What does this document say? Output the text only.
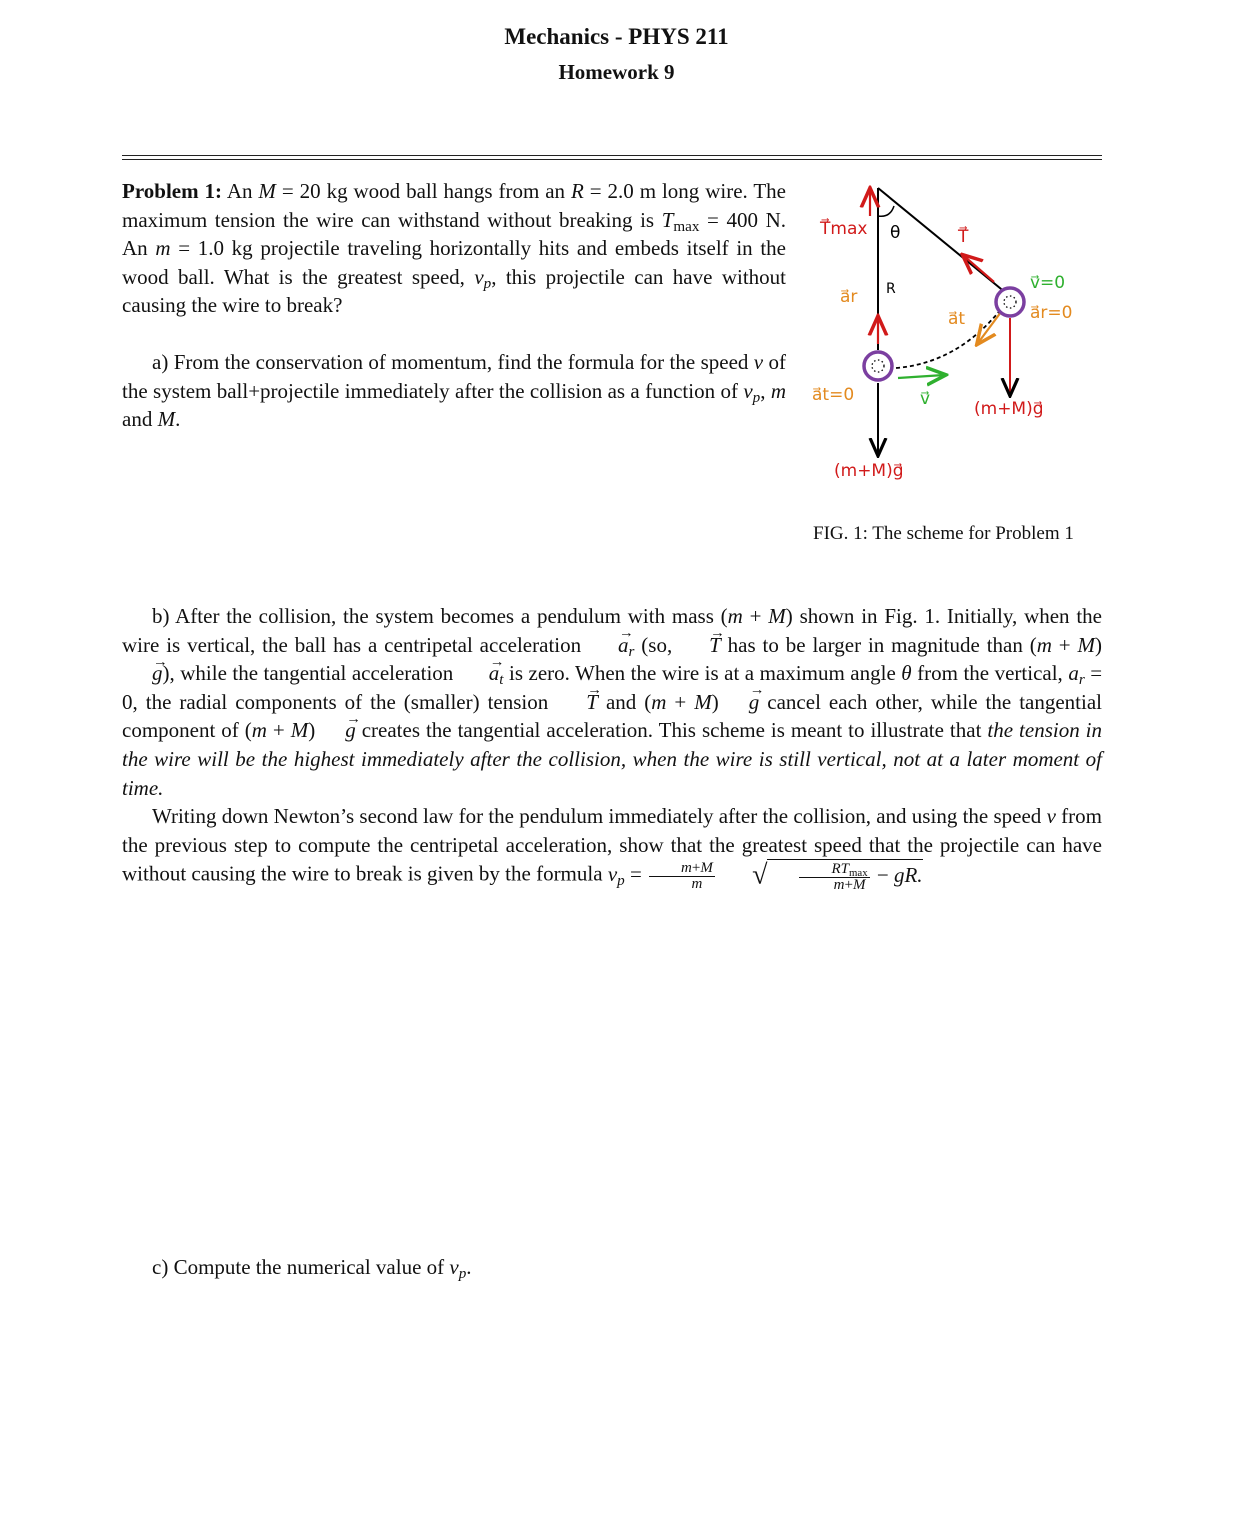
Mechanics - PHYS 211
Homework 9
Problem 1: An M = 20 kg wood ball hangs from an R = 2.0 m long wire. The maximum tension the wire can withstand without breaking is $T_{max} = 400$ N. An m = 1.0 kg projectile traveling horizontally hits and embeds itself in the wood ball. What is the greatest speed, $v_p$, this projectile can have without causing the wire to break?
a) From the conservation of momentum, find the formula for the speed v of the system ball+projectile immediately after the collision as a function of $v_p$, m and M.
T⃗max θ	T⃗
R
a⃗r
a⃗t
v⃗=0
a⃗r=0
a⃗t=0	v⃗	(m+M)g⃗
(m+M)g⃗
FIG. 1: The scheme for Problem 1
b) After the collision, the system becomes a pendulum with mass (m + M) shown in Fig. 1. Initially, when the wire is vertical, the ball has a centripetal acceleration $a \to_r$ (so, T → has to be larger in magnitude than (m + M)g →), while the tangential acceleration $a \to_t$ is zero. When the wire is at a maximum angle θ from the vertical, $a_r = 0$, the radial components of the (smaller) tension T → and (m + M) g → cancel each other, while the tangential component of (m + M) g → creates the tangential acceleration. This scheme is meant to illustrate that the tension in the wire will be the highest immediately after the collision, when the wire is still vertical, not at a later moment of time.
Writing down Newton’s second law for the pendulum immediately after the collision, and using the speed v from the previous step to compute the centripetal acceleration, show that the greatest speed that the projectile can have without causing the wire to break is given by the formula $v_p = \frac{m+M}{m}$ √ $\frac{RT_{max}}{m+M}$ − gR.
c) Compute the numerical value of $v_p$.
